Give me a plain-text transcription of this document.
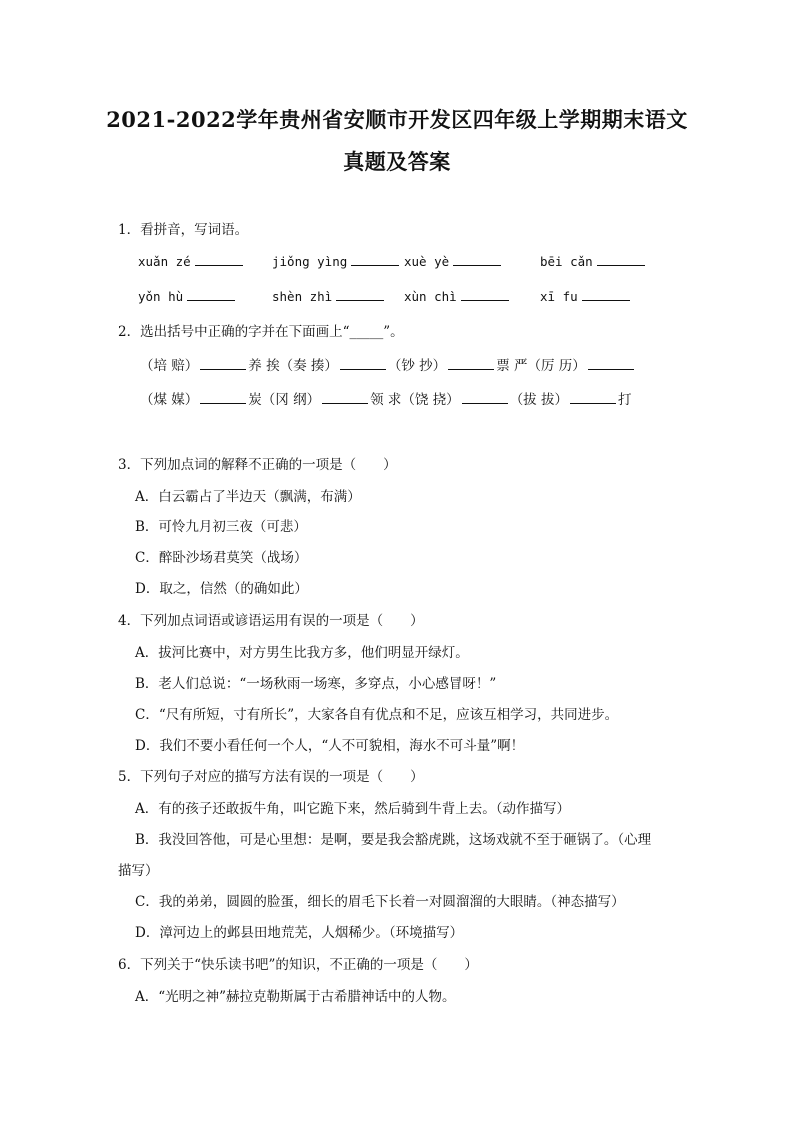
2021-2022学年贵州省安顺市开发区四年级上学期期末语文
真题及答案
1．看拼音，写词语。
xuǎn zé	jiǒng yìng	xuè yè	bēi cǎn
yǒn hù	shèn zhì	xùn chì	xī fu
2．选出括号中正确的字并在下面画上“_____”。
（培 赔）	养 挨（奏 揍）	（钞 抄）	票 严（厉 历）
（煤 媒）	炭（冈 纲）	领 求（饶 挠）	（拔 拔）	打
3．下列加点词的解释不正确的一项是（　　）
A．白云霸占了半边天（飘满，布满）
B．可怜九月初三夜（可悲）
C．醉卧沙场君莫笑（战场）
D．取之，信然（的确如此）
4．下列加点词语或谚语运用有误的一项是（　　）
A．拔河比赛中，对方男生比我方多，他们明显开绿灯。
B．老人们总说：“一场秋雨一场寒，多穿点，小心感冒呀！”
C．“尺有所短，寸有所长”，大家各自有优点和不足，应该互相学习，共同进步。
D．我们不要小看任何一个人，“人不可貌相，海水不可斗量”啊！
5．下列句子对应的描写方法有误的一项是（　　）
A．有的孩子还敢扳牛角，叫它跪下来，然后骑到牛背上去。（动作描写）
B．我没回答他，可是心里想：是啊，要是我会豁虎跳，这场戏就不至于砸锅了。（心理
描写）
C．我的弟弟，圆圆的脸蛋，细长的眉毛下长着一对圆溜溜的大眼睛。（神态描写）
D．漳河边上的邺县田地荒芜，人烟稀少。（环境描写）
6．下列关于“快乐读书吧”的知识，不正确的一项是（　　）
A．“光明之神”赫拉克勒斯属于古希腊神话中的人物。
